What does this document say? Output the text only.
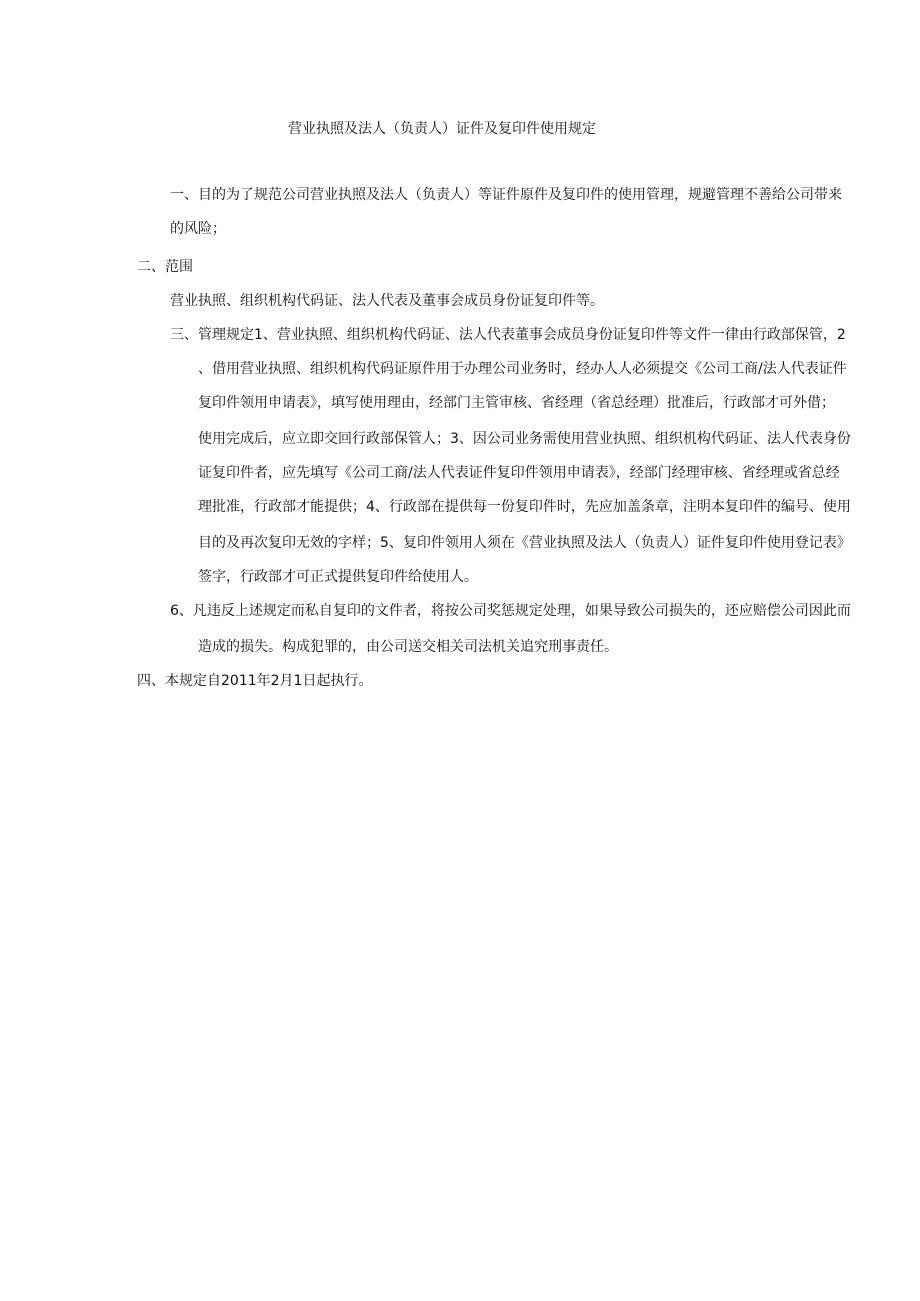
营业执照及法人（负责人）证件及复印件使用规定
一、目的为了规范公司营业执照及法人（负责人）等证件原件及复印件的使用管理，规避管理不善给公司带来
的风险；
二、范围
营业执照、组织机构代码证、法人代表及董事会成员身份证复印件等。
三、管理规定1、营业执照、组织机构代码证、法人代表董事会成员身份证复印件等文件一律由行政部保管，2
、借用营业执照、组织机构代码证原件用于办理公司业务时，经办人人必须提交《公司工商/法人代表证件
复印件领用申请表》，填写使用理由，经部门主管审核、省经理（省总经理）批准后，行政部才可外借；
使用完成后，应立即交回行政部保管人；3、因公司业务需使用营业执照、组织机构代码证、法人代表身份
证复印件者，应先填写《公司工商/法人代表证件复印件领用申请表》，经部门经理审核、省经理或省总经
理批准，行政部才能提供；4、行政部在提供每一份复印件时，先应加盖条章，注明本复印件的编号、使用
目的及再次复印无效的字样；5、复印件领用人须在《营业执照及法人（负责人）证件复印件使用登记表》
签字，行政部才可正式提供复印件给使用人。
6、凡违反上述规定而私自复印的文件者，将按公司奖惩规定处理，如果导致公司损失的，还应赔偿公司因此而
造成的损失。构成犯罪的，由公司送交相关司法机关追究刑事责任。
四、本规定自2011年2月1日起执行。
